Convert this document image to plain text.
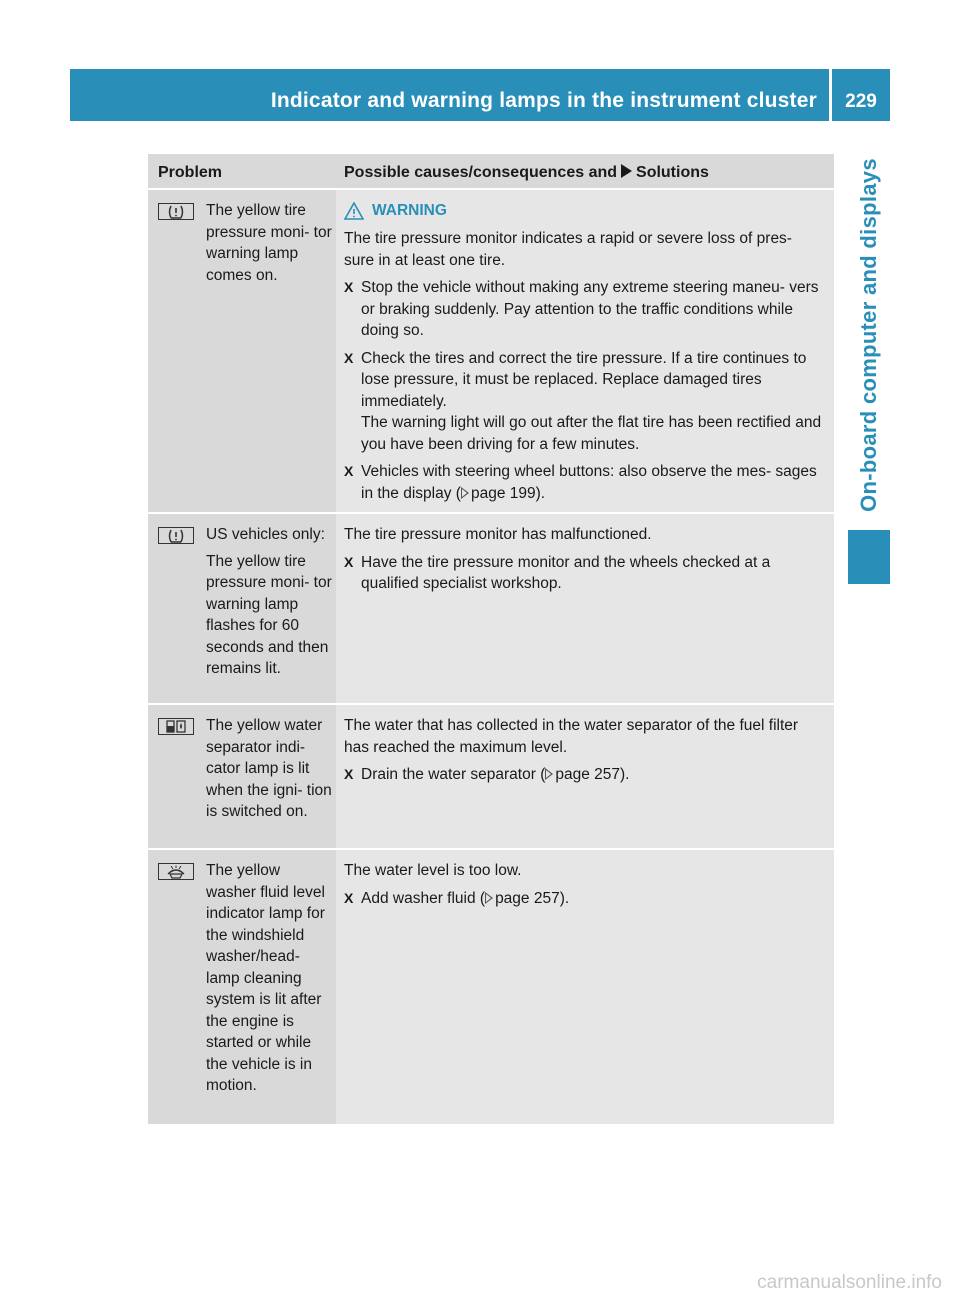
Indicator and warning lamps in the instrument cluster	229
On-board computer and displays
Problem	Possible causes/consequences and Solutions

The yellow tire pressure moni- tor warning lamp comes on.

WARNING

The tire pressure monitor indicates a rapid or severe loss of pres- sure in at least one tire.

X Stop the vehicle without making any extreme steering maneu- vers or braking suddenly. Pay attention to the traffic conditions while doing so.
X Check the tires and correct the tire pressure. If a tire continues to lose pressure, it must be replaced. Replace damaged tires immediately.
The warning light will go out after the flat tire has been rectified and you have been driving for a few minutes.
X Vehicles with steering wheel buttons: also observe the mes- sages in the display ( page 199).

US vehicles only:

The yellow tire pressure moni- tor warning lamp flashes for 60 seconds and then remains lit.

The tire pressure monitor has malfunctioned.

X Have the tire pressure monitor and the wheels checked at a qualified specialist workshop.

The yellow water separator indi- cator lamp is lit when the igni- tion is switched on.

The water that has collected in the water separator of the fuel filter has reached the maximum level.

X Drain the water separator ( page 257).

The yellow washer fluid level indicator lamp for the windshield washer/head- lamp cleaning system is lit after the engine is started or while the vehicle is in motion.

The water level is too low.

X Add washer fluid ( page 257).
carmanualsonline.info
